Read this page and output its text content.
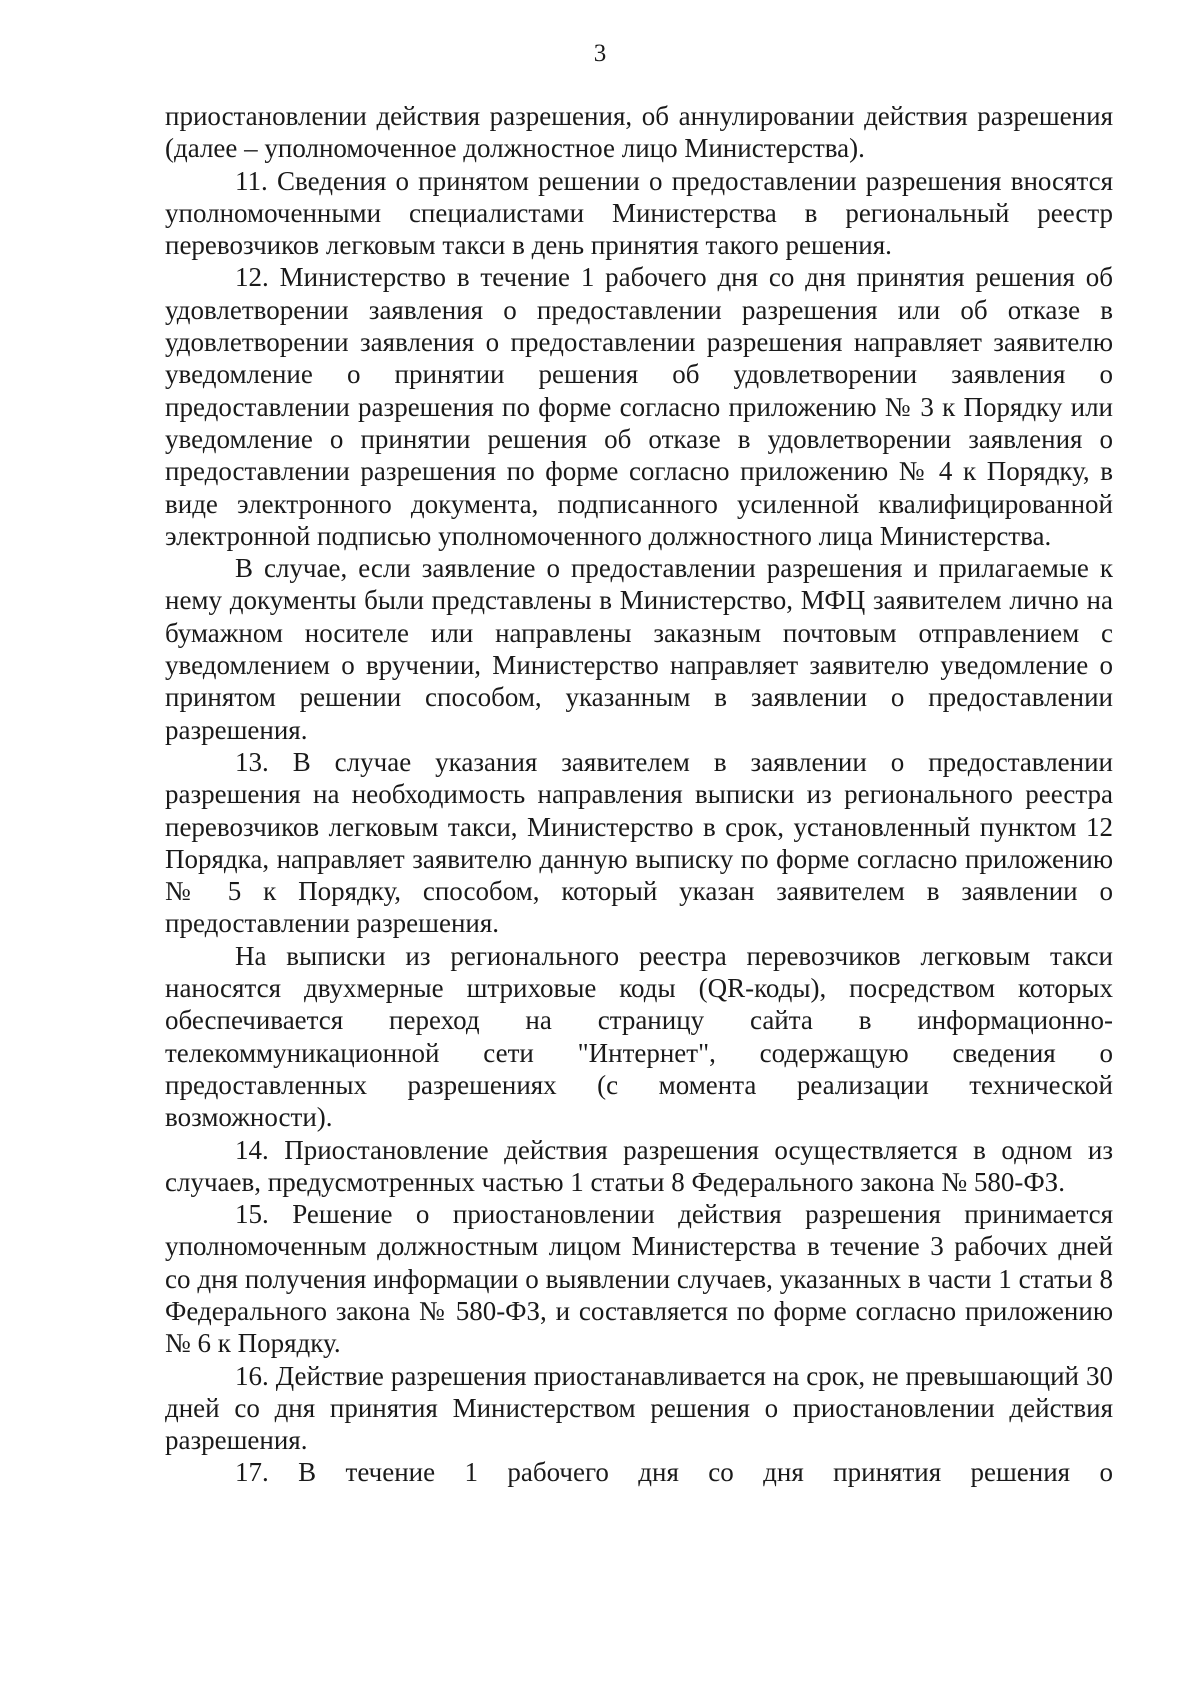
3

приостановлении действия разрешения, об аннулировании действия разрешения (далее – уполномоченное должностное лицо Министерства).

11. Сведения о принятом решении о предоставлении разрешения вносятся уполномоченными специалистами Министерства в региональный реестр перевозчиков легковым такси в день принятия такого решения.

12. Министерство в течение 1 рабочего дня со дня принятия решения об удовлетворении заявления о предоставлении разрешения или об отказе в удовлетворении заявления о предоставлении разрешения направляет заявителю уведомление о принятии решения об удовлетворении заявления о предоставлении разрешения по форме согласно приложению № 3 к Порядку или уведомление о принятии решения об отказе в удовлетворении заявления о предоставлении разрешения по форме согласно приложению № 4 к Порядку, в виде электронного документа, подписанного усиленной квалифицированной электронной подписью уполномоченного должностного лица Министерства.

В случае, если заявление о предоставлении разрешения и прилагаемые к нему документы были представлены в Министерство, МФЦ заявителем лично на бумажном носителе или направлены заказным почтовым отправлением с уведомлением о вручении, Министерство направляет заявителю уведомление о принятом решении способом, указанным в заявлении о предоставлении разрешения.

13. В случае указания заявителем в заявлении о предоставлении разрешения на необходимость направления выписки из регионального реестра перевозчиков легковым такси, Министерство в срок, установленный пунктом 12 Порядка, направляет заявителю данную выписку по форме согласно приложению № 5 к Порядку, способом, который указан заявителем в заявлении о предоставлении разрешения.

На выписки из регионального реестра перевозчиков легковым такси наносятся двухмерные штриховые коды (QR-коды), посредством которых обеспечивается переход на страницу сайта в информационно-телекоммуникационной сети "Интернет", содержащую сведения о предоставленных разрешениях (с момента реализации технической возможности).

14. Приостановление действия разрешения осуществляется в одном из случаев, предусмотренных частью 1 статьи 8 Федерального закона № 580-ФЗ.

15. Решение о приостановлении действия разрешения принимается уполномоченным должностным лицом Министерства в течение 3 рабочих дней со дня получения информации о выявлении случаев, указанных в части 1 статьи 8 Федерального закона № 580-ФЗ, и составляется по форме согласно приложению № 6 к Порядку.

16. Действие разрешения приостанавливается на срок, не превышающий 30 дней со дня принятия Министерством решения о приостановлении действия разрешения.

17. В течение 1 рабочего дня со дня принятия решения о
